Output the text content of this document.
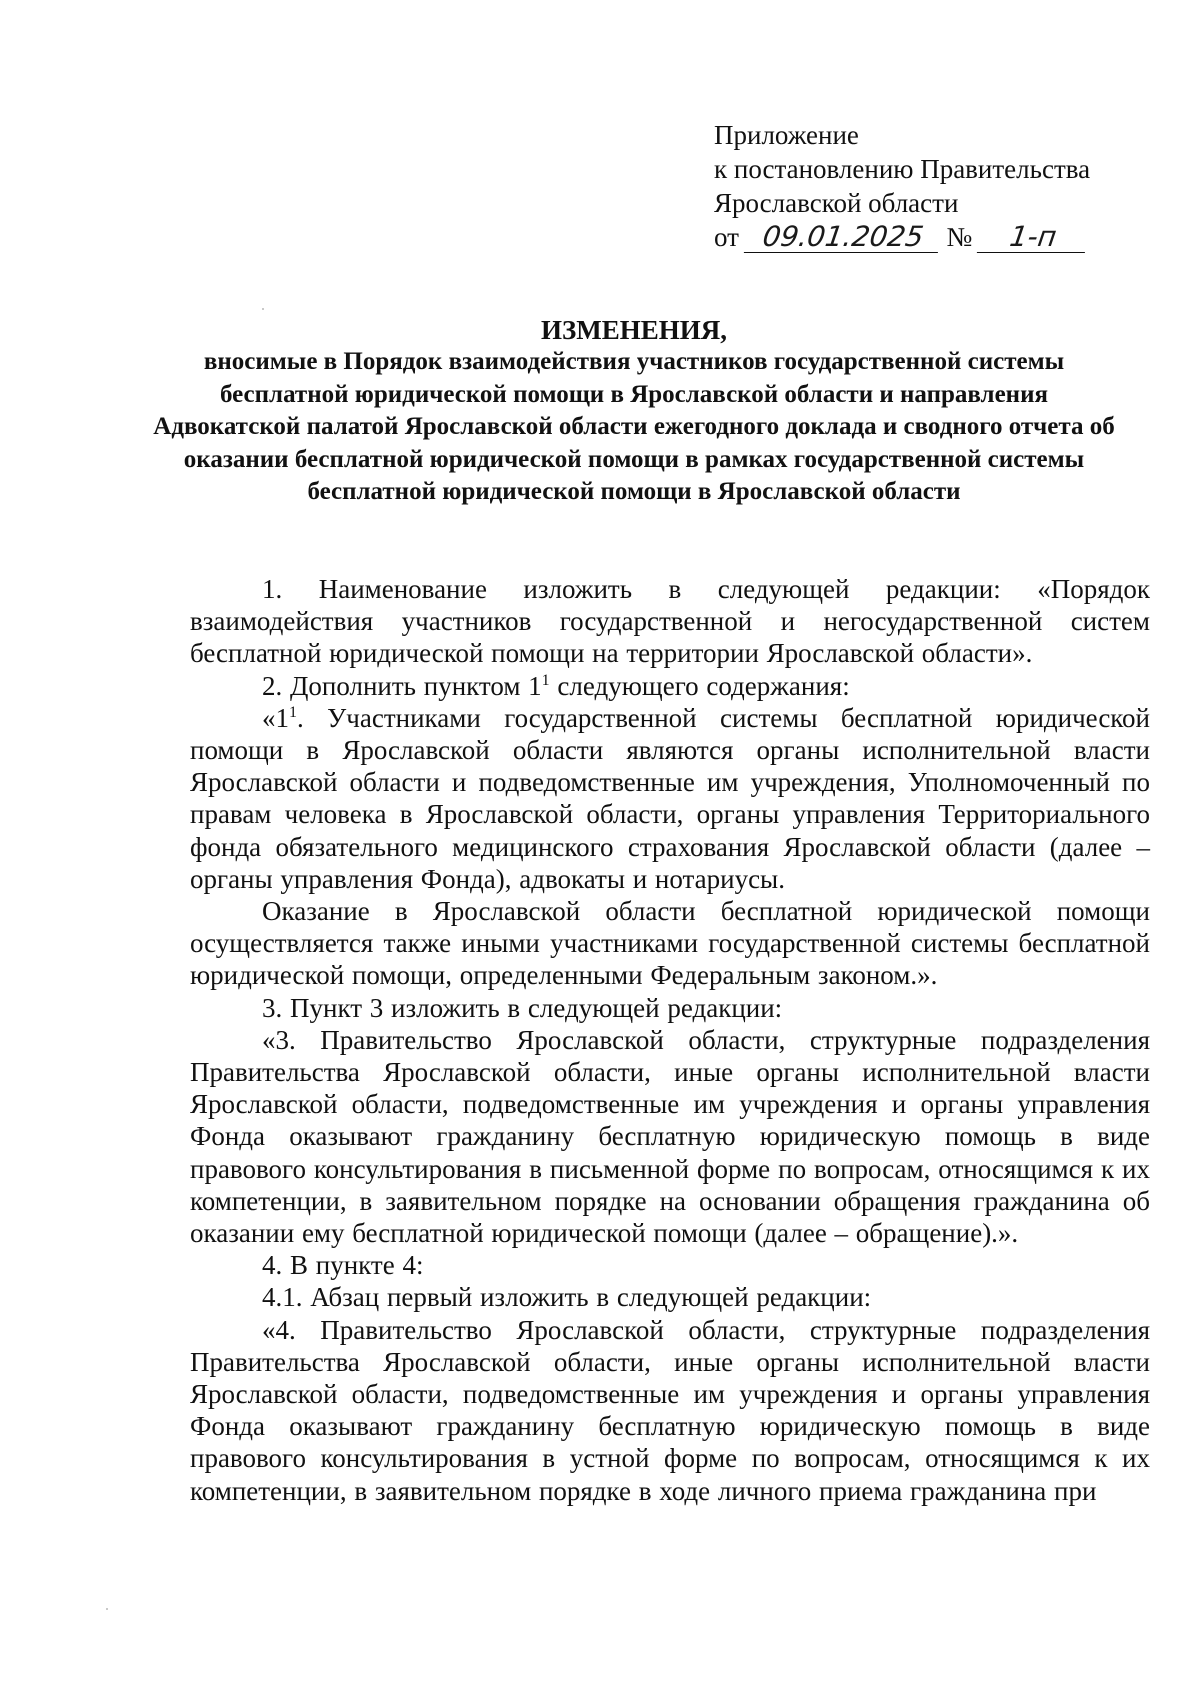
Приложение
к постановлению Правительства
Ярославской области
от 09.01.2025 № 1-п
ИЗМЕНЕНИЯ,
вносимые в Порядок взаимодействия участников государственной системы бесплатной юридической помощи в Ярославской области и направления Адвокатской палатой Ярославской области ежегодного доклада и сводного отчета об оказании бесплатной юридической помощи в рамках государственной системы бесплатной юридической помощи в Ярославской области

1. Наименование изложить в следующей редакции: «Порядок взаимодействия участников государственной и негосударственной систем бесплатной юридической помощи на территории Ярославской области».

2. Дополнить пунктом $1^1$ следующего содержания:

«$1^1$. Участниками государственной системы бесплатной юридической помощи в Ярославской области являются органы исполнительной власти Ярославской области и подведомственные им учреждения, Уполномоченный по правам человека в Ярославской области, органы управления Территориального фонда обязательного медицинского страхования Ярославской области (далее – органы управления Фонда), адвокаты и нотариусы.

Оказание в Ярославской области бесплатной юридической помощи осуществляется также иными участниками государственной системы бесплатной юридической помощи, определенными Федеральным законом.».

3. Пункт 3 изложить в следующей редакции:

«3. Правительство Ярославской области, структурные подразделения Правительства Ярославской области, иные органы исполнительной власти Ярославской области, подведомственные им учреждения и органы управления Фонда оказывают гражданину бесплатную юридическую помощь в виде правового консультирования в письменной форме по вопросам, относящимся к их компетенции, в заявительном порядке на основании обращения гражданина об оказании ему бесплатной юридической помощи (далее – обращение).».

4. В пункте 4:

4.1. Абзац первый изложить в следующей редакции:

«4. Правительство Ярославской области, структурные подразделения Правительства Ярославской области, иные органы исполнительной власти Ярославской области, подведомственные им учреждения и органы управления Фонда оказывают гражданину бесплатную юридическую помощь в виде правового консультирования в устной форме по вопросам, относящимся к их компетенции, в заявительном порядке в ходе личного приема гражданина при
